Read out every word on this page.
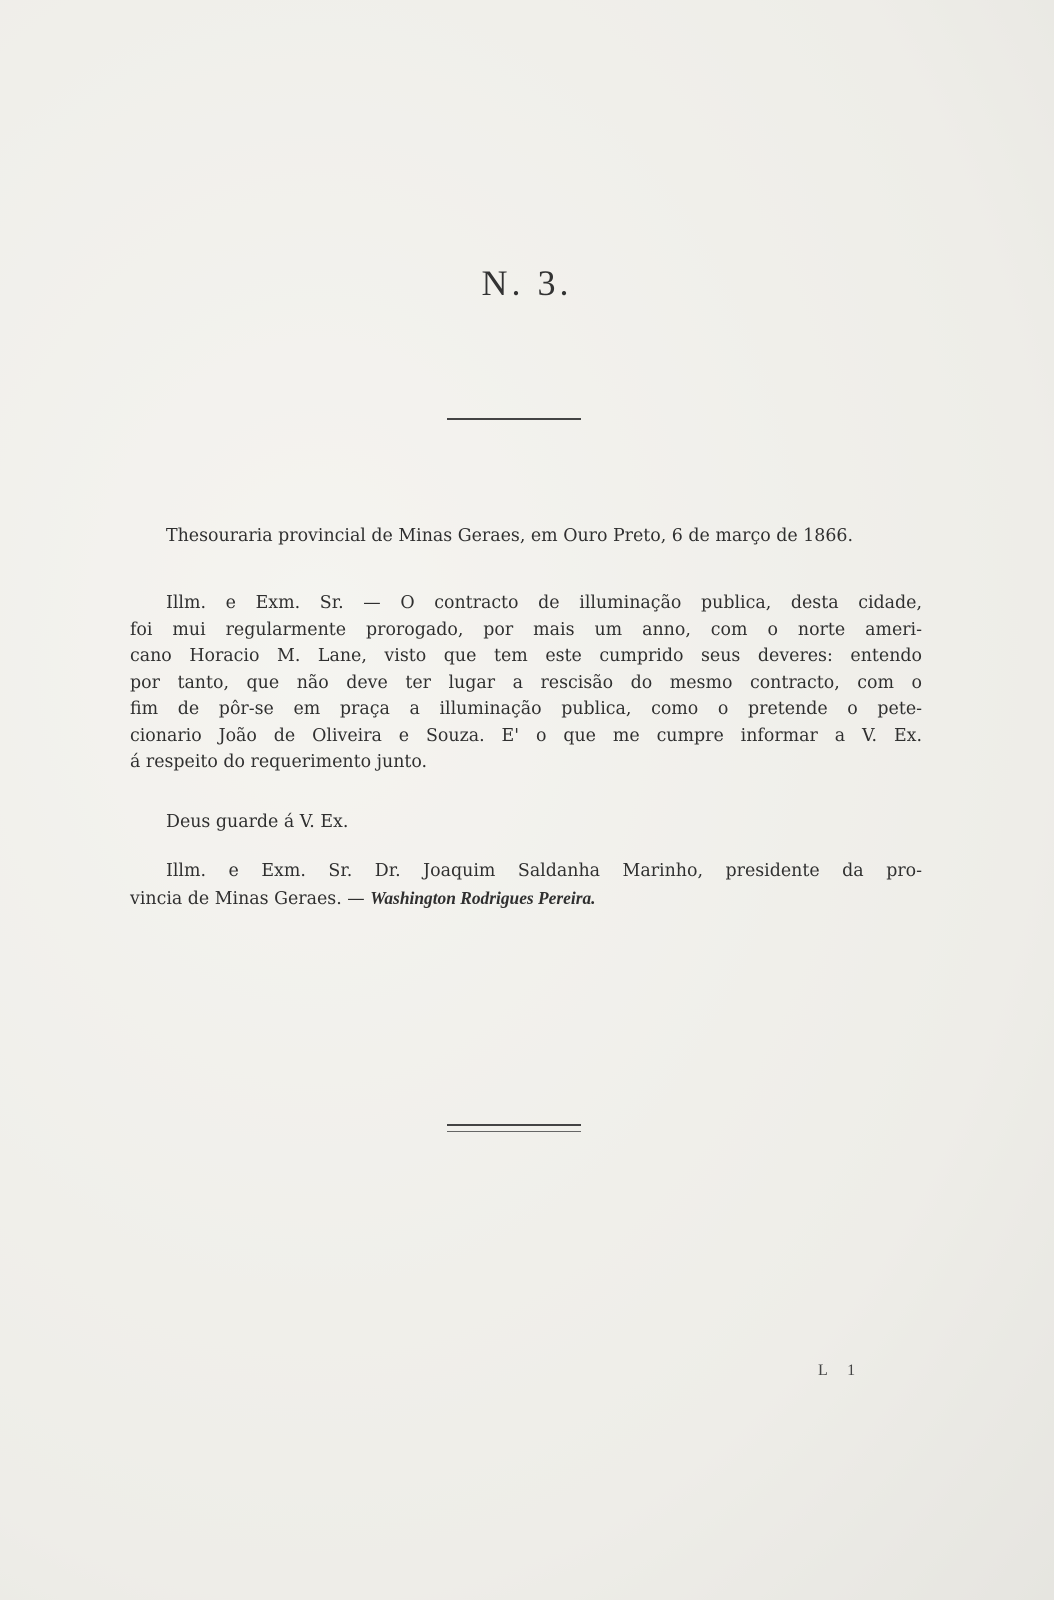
N. 3.
Thesouraria provincial de Minas Geraes, em Ouro Preto, 6 de março de 1866.
Illm. e Exm. Sr. — O contracto de illuminação publica, desta cidade,
foi mui regularmente prorogado, por mais um anno, com o norte ameri-
cano Horacio M. Lane, visto que tem este cumprido seus deveres: entendo
por tanto, que não deve ter lugar a rescisão do mesmo contracto, com o
fim de pôr-se em praça a illuminação publica, como o pretende o pete-
cionario João de Oliveira e Souza. E' o que me cumpre informar a V. Ex.
á respeito do requerimento junto.
Deus guarde á V. Ex.
Illm. e Exm. Sr. Dr. Joaquim Saldanha Marinho, presidente da pro-
vincia de Minas Geraes. — Washington Rodrigues Pereira.
L 1
